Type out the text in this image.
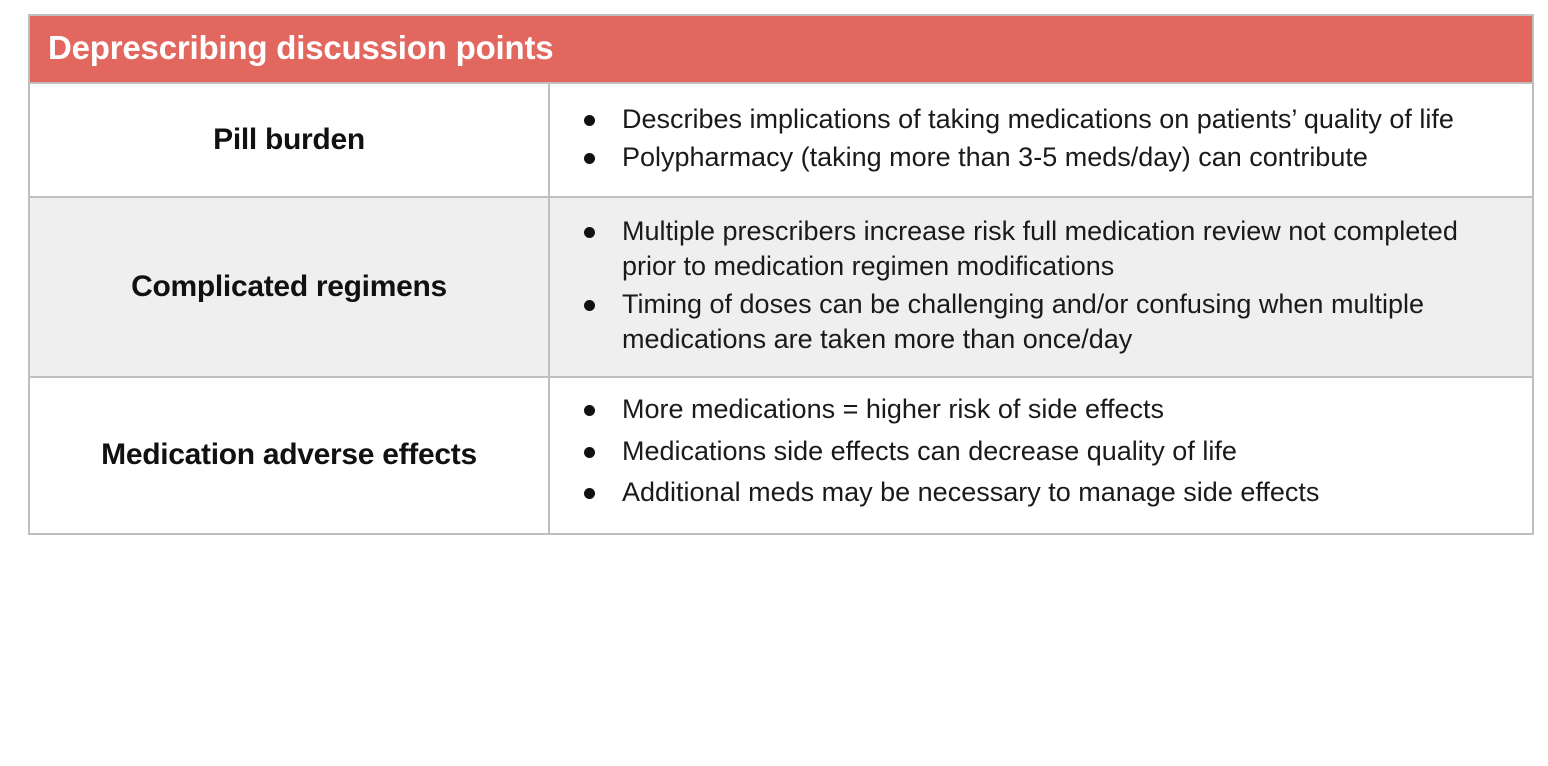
Deprescribing discussion points	

Pill burden	
Describes implications of taking medications on patients’ quality of life
Polypharmacy (taking more than 3-5 meds/day) can contribute

Complicated regimens	
Multiple prescribers increase risk full medication review not completed prior to medication regimen modifications
Timing of doses can be challenging and/or confusing when multiple medications are taken more than once/day

Medication adverse effects	
More medications = higher risk of side effects
Medications side effects can decrease quality of life
Additional meds may be necessary to manage side effects
